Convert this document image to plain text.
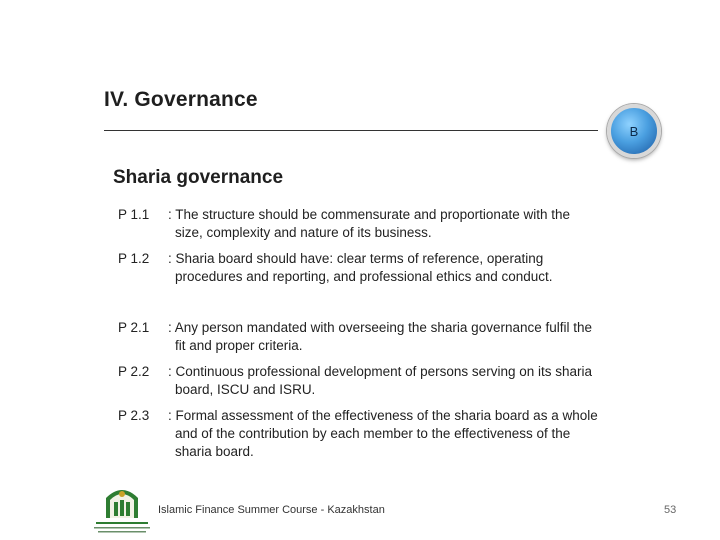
IV. Governance
B
Sharia governance
P 1.1	: The structure should be commensurate and proportionate with the
size, complexity and nature of its business.
P 1.2	: Sharia board should have: clear terms of reference, operating
procedures and reporting, and professional ethics and conduct.
P 2.1	: Any person mandated with overseeing the sharia governance fulfil the
fit and proper criteria.
P 2.2	: Continuous professional development of persons serving on its sharia
board, ISCU and ISRU.
P 2.3	: Formal assessment of the effectiveness of the sharia board as a whole
and of the contribution by each member to the effectiveness of the
sharia board.
Islamic Finance Summer Course - Kazakhstan	53
